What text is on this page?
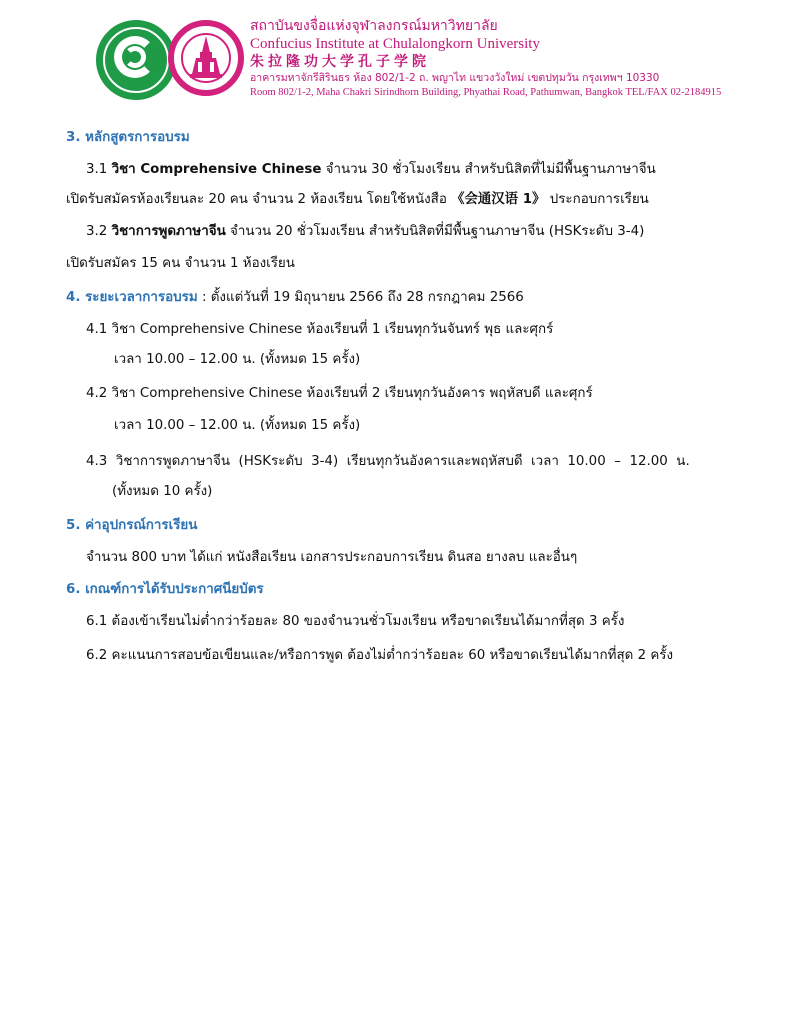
สถาบันขงจื่อแห่งจุฬาลงกรณ์มหาวิทยาลัย
Confucius Institute at Chulalongkorn University
朱拉隆功大学孔子学院
อาคารมหาจักรีสิรินธร ห้อง 802/1-2 ถ. พญาไท แขวงวังใหม่ เขตปทุมวัน กรุงเทพฯ 10330
Room 802/1-2, Maha Chakri Sirindhorn Building, Phyathai Road, Pathumwan, Bangkok TEL/FAX 02-2184915
3. หลักสูตรการอบรม
3.1 วิชา Comprehensive Chinese จำนวน 30 ชั่วโมงเรียน สำหรับนิสิตที่ไม่มีพื้นฐานภาษาจีน
เปิดรับสมัครห้องเรียนละ 20 คน จำนวน 2 ห้องเรียน โดยใช้หนังสือ 《会通汉语 1》 ประกอบการเรียน
3.2 วิชาการพูดภาษาจีน จำนวน 20 ชั่วโมงเรียน สำหรับนิสิตที่มีพื้นฐานภาษาจีน (HSKระดับ 3-4)
เปิดรับสมัคร 15 คน จำนวน 1 ห้องเรียน
4. ระยะเวลาการอบรม : ตั้งแต่วันที่ 19 มิถุนายน 2566 ถึง 28 กรกฎาคม 2566
4.1 วิชา Comprehensive Chinese ห้องเรียนที่ 1 เรียนทุกวันจันทร์ พุธ และศุกร์
เวลา 10.00 – 12.00 น. (ทั้งหมด 15 ครั้ง)
4.2 วิชา Comprehensive Chinese ห้องเรียนที่ 2 เรียนทุกวันอังคาร พฤหัสบดี และศุกร์
เวลา 10.00 – 12.00 น. (ทั้งหมด 15 ครั้ง)
4.3  วิชาการพูดภาษาจีน  (HSKระดับ  3-4)  เรียนทุกวันอังคารและพฤหัสบดี  เวลา  10.00  –  12.00  น.
(ทั้งหมด 10 ครั้ง)
5. ค่าอุปกรณ์การเรียน
จำนวน 800 บาท ได้แก่ หนังสือเรียน เอกสารประกอบการเรียน ดินสอ ยางลบ และอื่นๆ
6. เกณฑ์การได้รับประกาศนียบัตร
6.1 ต้องเข้าเรียนไม่ต่ำกว่าร้อยละ 80 ของจำนวนชั่วโมงเรียน หรือขาดเรียนได้มากที่สุด 3 ครั้ง
6.2 คะแนนการสอบข้อเขียนและ/หรือการพูด ต้องไม่ต่ำกว่าร้อยละ 60 หรือขาดเรียนได้มากที่สุด 2 ครั้ง
